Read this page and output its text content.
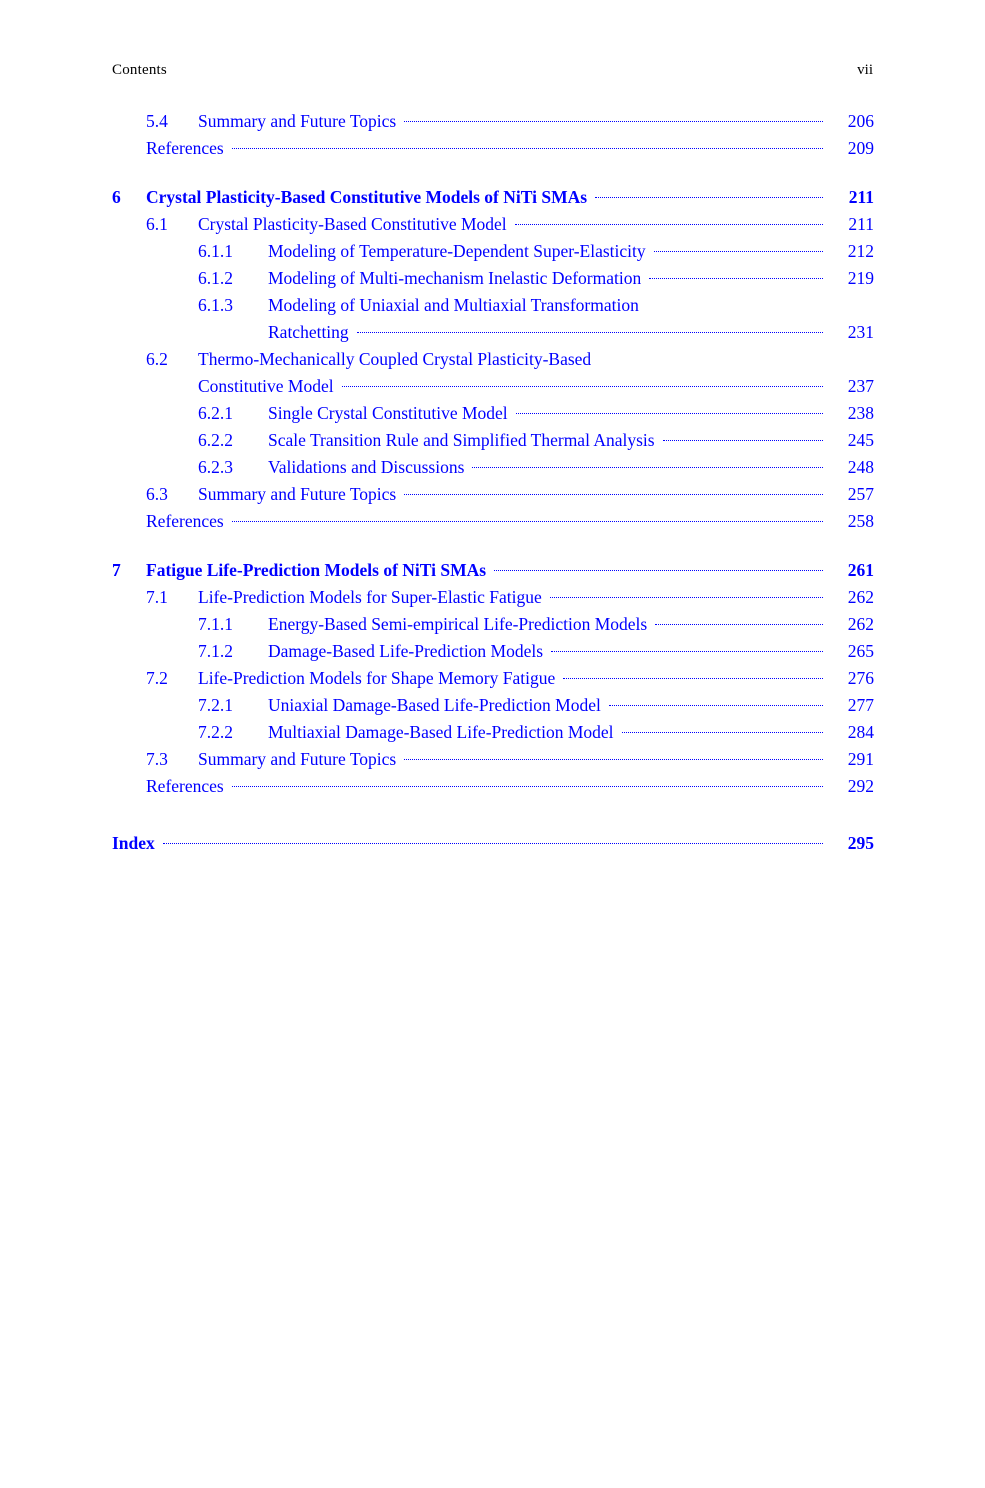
Contents	vii
5.4	Summary and Future Topics	206
References	209
6	Crystal Plasticity-Based Constitutive Models of NiTi SMAs	211
6.1	Crystal Plasticity-Based Constitutive Model	211
6.1.1	Modeling of Temperature-Dependent Super-Elasticity	212
6.1.2	Modeling of Multi-mechanism Inelastic Deformation	219
6.1.3	Modeling of Uniaxial and Multiaxial Transformation
Ratchetting	231
6.2	Thermo-Mechanically Coupled Crystal Plasticity-Based
Constitutive Model	237
6.2.1	Single Crystal Constitutive Model	238
6.2.2	Scale Transition Rule and Simplified Thermal Analysis	245
6.2.3	Validations and Discussions	248
6.3	Summary and Future Topics	257
References	258
7	Fatigue Life-Prediction Models of NiTi SMAs	261
7.1	Life-Prediction Models for Super-Elastic Fatigue	262
7.1.1	Energy-Based Semi-empirical Life-Prediction Models	262
7.1.2	Damage-Based Life-Prediction Models	265
7.2	Life-Prediction Models for Shape Memory Fatigue	276
7.2.1	Uniaxial Damage-Based Life-Prediction Model	277
7.2.2	Multiaxial Damage-Based Life-Prediction Model	284
7.3	Summary and Future Topics	291
References	292
Index	295
